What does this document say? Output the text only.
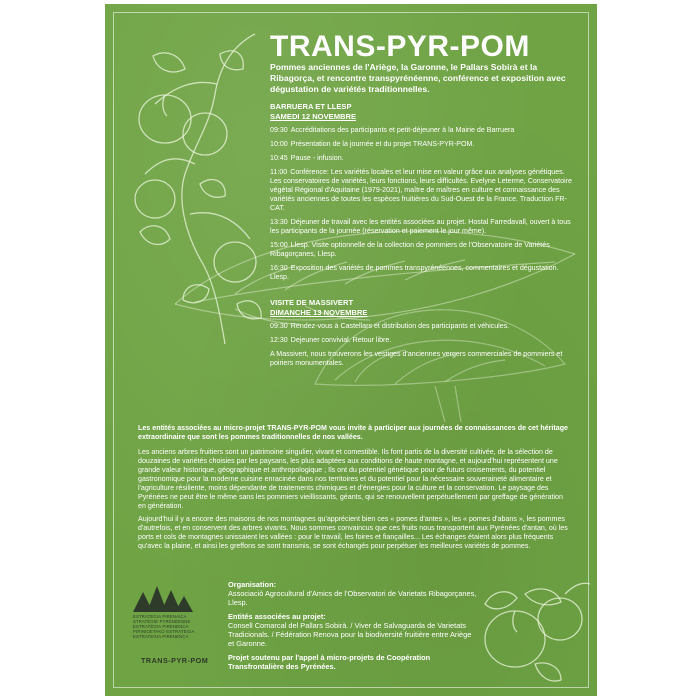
TRANS-PYR-POM

Pommes anciennes de l'Ariège, la Garonne, le Pallars Sobirà et la Ribagorça, et rencontre transpyrénéenne, conférence et exposition avec dégustation de variétés traditionnelles.

BARRUERA ET LLESP
SAMEDI 12 NOVEMBRE
09:30 Accréditations des participants et petit-déjeuner à la Mairie de Barruera
10:00 Présentation de la journée et du projet TRANS-PYR-POM.
10:45 Pause - infusion.
11:00 Conférence: Les variétés locales et leur mise en valeur grâce aux analyses génétiques. Les conservatoires de variétés, leurs fonctions, leurs difficultés. Evelyne Leterme, Conservatoire végétal Régional d'Aquitaine (1979-2021), maître de maîtres en culture et connaissance des variétés anciennes de toutes les espèces fruitières du Sud-Ouest de la France. Traduction FR-CAT.
13:30 Déjeuner de travail avec les entités associées au projet. Hostal Farredavall, ouvert à tous les participants de la journée (réservation et paiement le jour même).
15:00 Llesp. Visite optionnelle de la collection de pommiers de l'Observatoire de Variétés Ribagorçanes, Llesp.
16:30 Exposition des variétés de pommes transpyrénéennes, commentaires et dégustation. Llesp.
VISITE DE MASSIVERT
DIMANCHE 13 NOVEMBRE
09:30 Rendez-vous à Castellars et distribution des participants et véhicules.
12:30 Dejeuner convivial. Retour libre.
A Massivert, nous trouverons les vestiges d'anciennes vergers commerciales de pommiers et poiriers monumentales.

Les entités associées au micro-projet TRANS-PYR-POM vous invite à participer aux journées de connaissances de cet héritage extraordinaire que sont les pommes traditionnelles de nos vallées.

Les anciens arbres fruitiers sont un patrimoine singulier, vivant et comestible. Ils font partis de la diversité cultivée, de la sélection de douzaines de variétés choisies par les paysans, les plus adaptées aux conditions de haute montagne, et aujourd'hui représentent une grande valeur historique, géographique et anthropologique ; Ils ont du potentiel génétique pour de futurs croisements, du potentiel gastronomique pour la moderne cuisine enracinée dans nos territoires et du potentiel pour la nécessaire souveraineté alimentaire et l'agriculture résiliente, moins dépendante de traitements chimiques et d'énergies pour la culture et la conservation. Le paysage des Pyrénées ne peut être le même sans les pommiers vieillissants, géants, qui se renouvellent perpétuellement par greffage de génération en génération.

Aujourd'hui il y a encore des maisons de nos montagnes qu'apprécient bien ces « pomes d'antes », les « pomes d'abans », les pommes d'autrefois, et en conservent des arbres vivants. Nous sommes convaincus que ces fruits nous transportent aux Pyrénées d'antan, où les ports et cols de montagnes unissaient les vallées : pour le travail, les foires et fiançailles... Les échanges étaient alors plus fréquents qu'avec la plaine, et ainsi les greffons se sont transmis, se sont échangés pour perpétuer les meilleures variétés de pommes.

ESTRATEGIA PIRENAICA
STRATÉGIE PYRÉNÉENNE
ESTRATÈGIA PIRENENCA
PIRINIOETAKO ESTRATEGIA
ESTRATEGIA PIRENENCA
TRANS-PYR-POM

Organisation:

Associació Agrocultural d'Amics de l'Observatori de Varietats Ribagorçanes, Llesp.

Entités associées au projet:

Consell Comarcal del Pallars Sobirà. / Viver de Salvaguarda de Varietats Tradicionals. / Fédération Renova pour la biodiversité fruitière entre Ariège et Garonne.

Projet soutenu par l'appel à micro-projets de Coopération Transfrontalière des Pyrénées.
